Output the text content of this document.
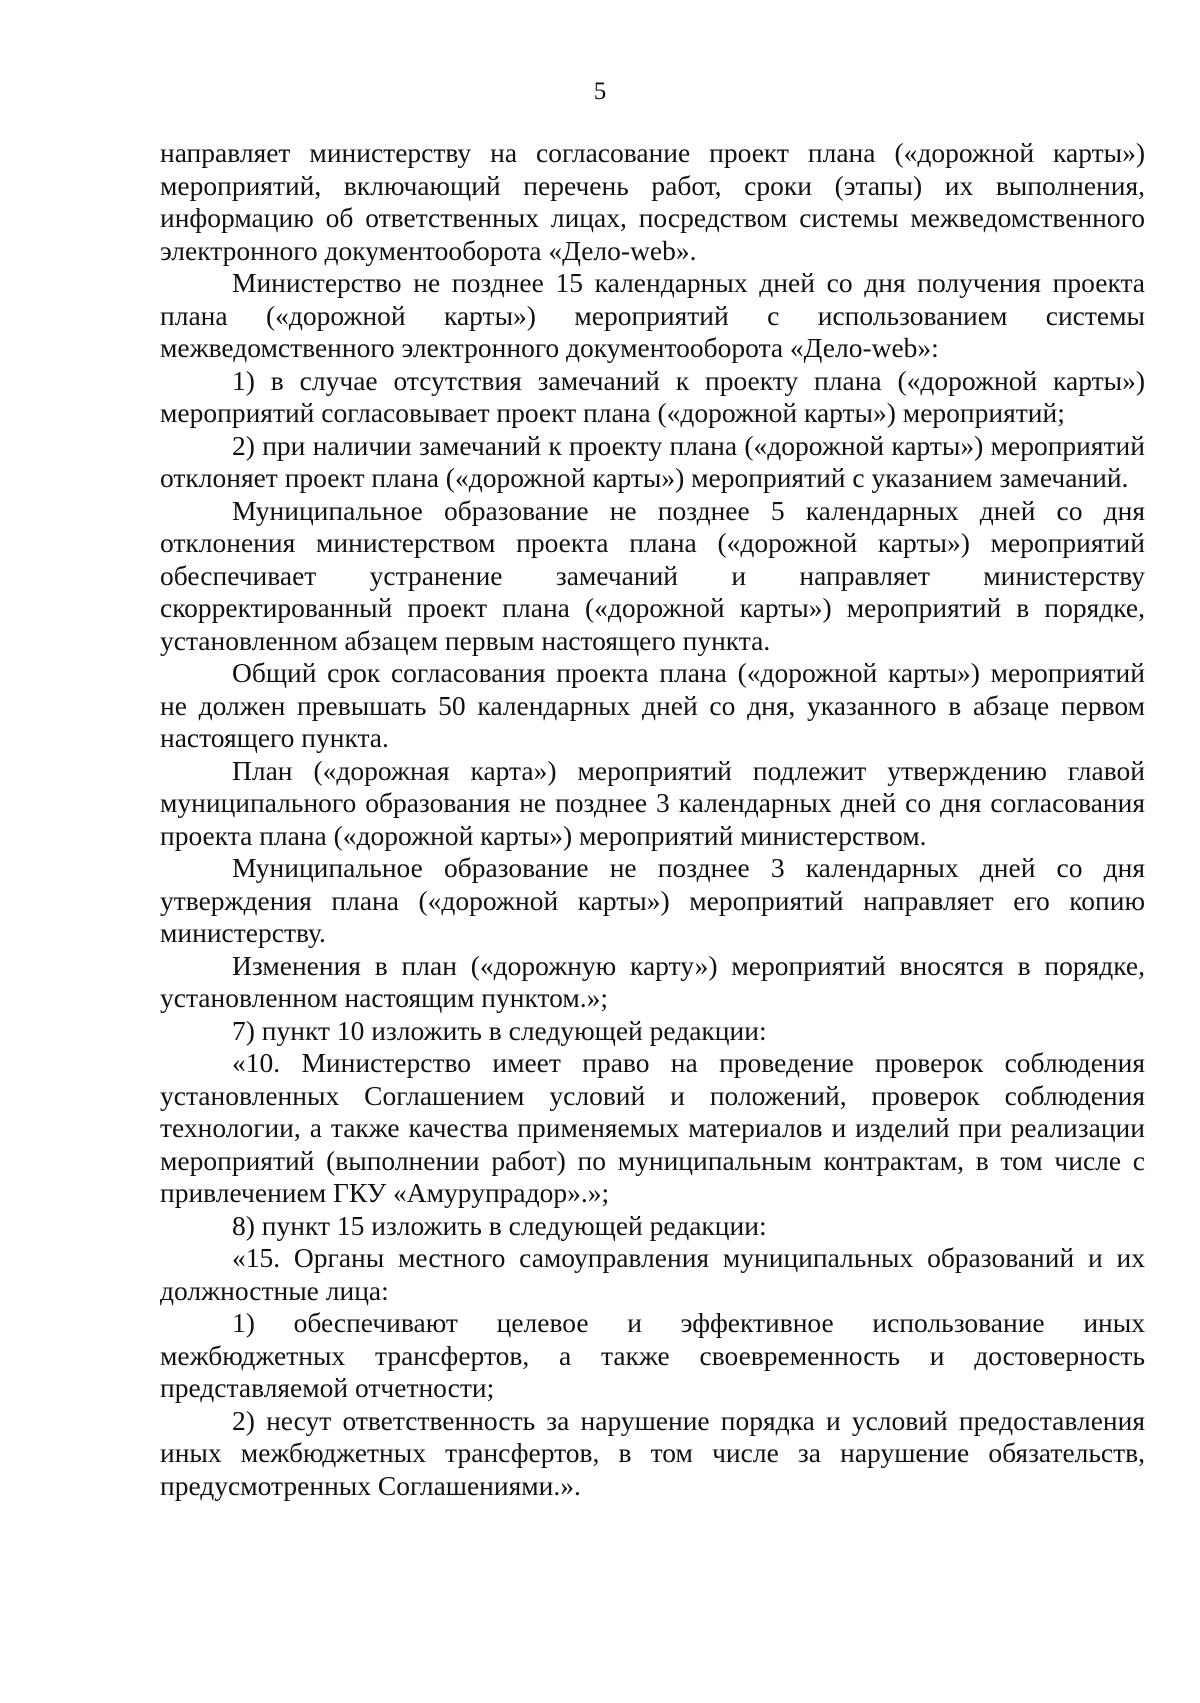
5

направляет министерству на согласование проект плана («дорожной карты») мероприятий, включающий перечень работ, сроки (этапы) их выполнения, информацию об ответственных лицах, посредством системы межведомственного электронного документооборота «Дело-web».

Министерство не позднее 15 календарных дней со дня получения проекта плана («дорожной карты») мероприятий с использованием системы межведомственного электронного документооборота «Дело-web»:

1) в случае отсутствия замечаний к проекту плана («дорожной карты») мероприятий согласовывает проект плана («дорожной карты») мероприятий;

2) при наличии замечаний к проекту плана («дорожной карты») мероприятий отклоняет проект плана («дорожной карты») мероприятий с указанием замечаний.

Муниципальное образование не позднее 5 календарных дней со дня отклонения министерством проекта плана («дорожной карты») мероприятий обеспечивает устранение замечаний и направляет министерству скорректированный проект плана («дорожной карты») мероприятий в порядке, установленном абзацем первым настоящего пункта.

Общий срок согласования проекта плана («дорожной карты») мероприятий не должен превышать 50 календарных дней со дня, указанного в абзаце первом настоящего пункта.

План («дорожная карта») мероприятий подлежит утверждению главой муниципального образования не позднее 3 календарных дней со дня согласования проекта плана («дорожной карты») мероприятий министерством.

Муниципальное образование не позднее 3 календарных дней со дня утверждения плана («дорожной карты») мероприятий направляет его копию министерству.

Изменения в план («дорожную карту») мероприятий вносятся в порядке, установленном настоящим пунктом.»;

7) пункт 10 изложить в следующей редакции:

«10. Министерство имеет право на проведение проверок соблюдения установленных Соглашением условий и положений, проверок соблюдения технологии, а также качества применяемых материалов и изделий при реализации мероприятий (выполнении работ) по муниципальным контрактам, в том числе с привлечением ГКУ «Амурупрадор».»;

8) пункт 15 изложить в следующей редакции:

«15. Органы местного самоуправления муниципальных образований и их должностные лица:

1) обеспечивают целевое и эффективное использование иных межбюджетных трансфертов, а также своевременность и достоверность представляемой отчетности;

2) несут ответственность за нарушение порядка и условий предоставления иных межбюджетных трансфертов, в том числе за нарушение обязательств, предусмотренных Соглашениями.».
